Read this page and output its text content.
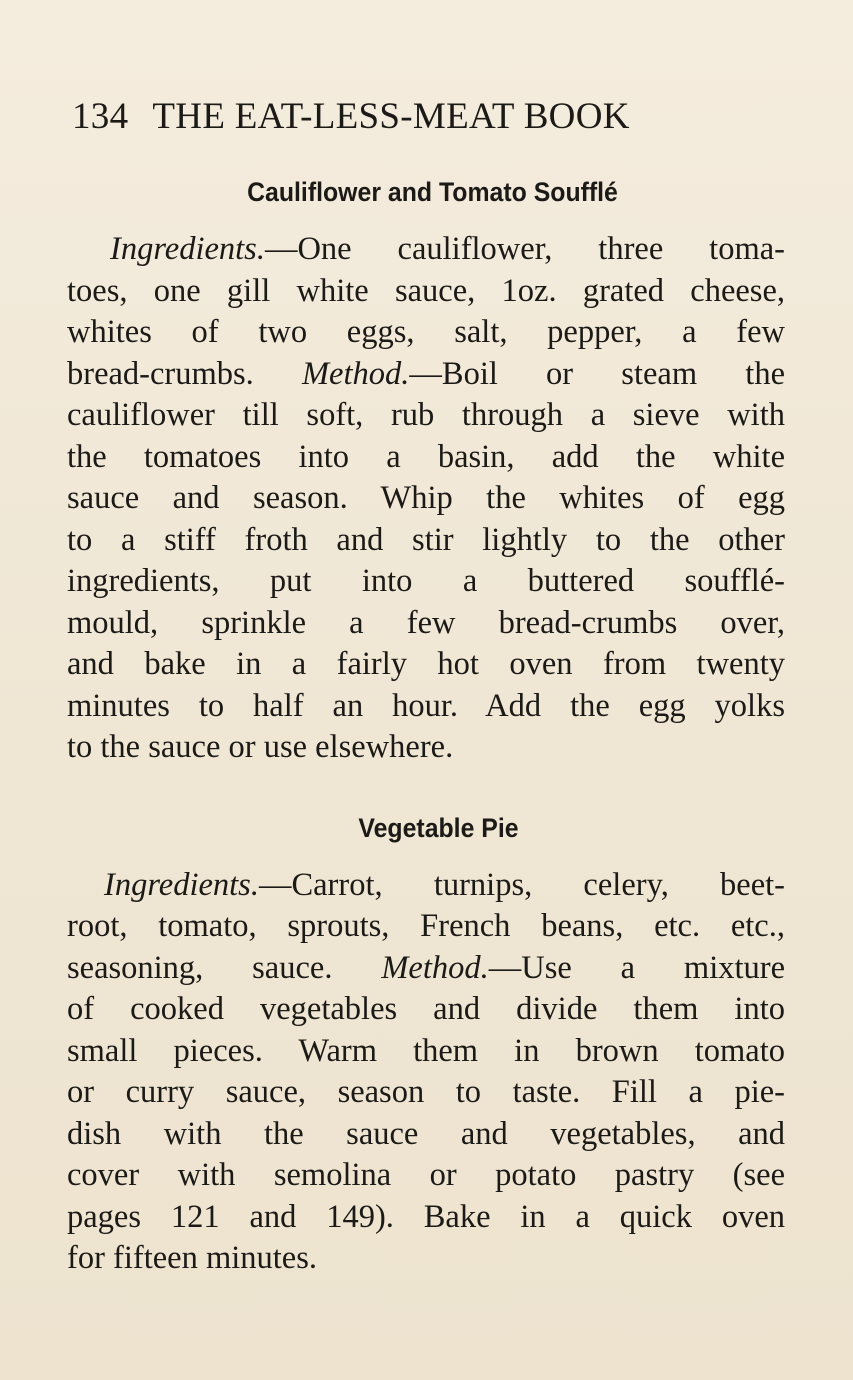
134 THE EAT-LESS-MEAT BOOK
Cauliflower and Tomato Soufflé
Ingredients.—One cauliflower, three toma-
toes, one gill white sauce, 1oz. grated cheese,
whites of two eggs, salt, pepper, a few
bread-crumbs. Method.—Boil or steam the
cauliflower till soft, rub through a sieve with
the tomatoes into a basin, add the white
sauce and season. Whip the whites of egg
to a stiff froth and stir lightly to the other
ingredients, put into a buttered soufflé-
mould, sprinkle a few bread-crumbs over,
and bake in a fairly hot oven from twenty
minutes to half an hour. Add the egg yolks
to the sauce or use elsewhere.
Vegetable Pie
Ingredients.—Carrot, turnips, celery, beet-
root, tomato, sprouts, French beans, etc. etc.,
seasoning, sauce. Method.—Use a mixture
of cooked vegetables and divide them into
small pieces. Warm them in brown tomato
or curry sauce, season to taste. Fill a pie-
dish with the sauce and vegetables, and
cover with semolina or potato pastry (see
pages 121 and 149). Bake in a quick oven
for fifteen minutes.
